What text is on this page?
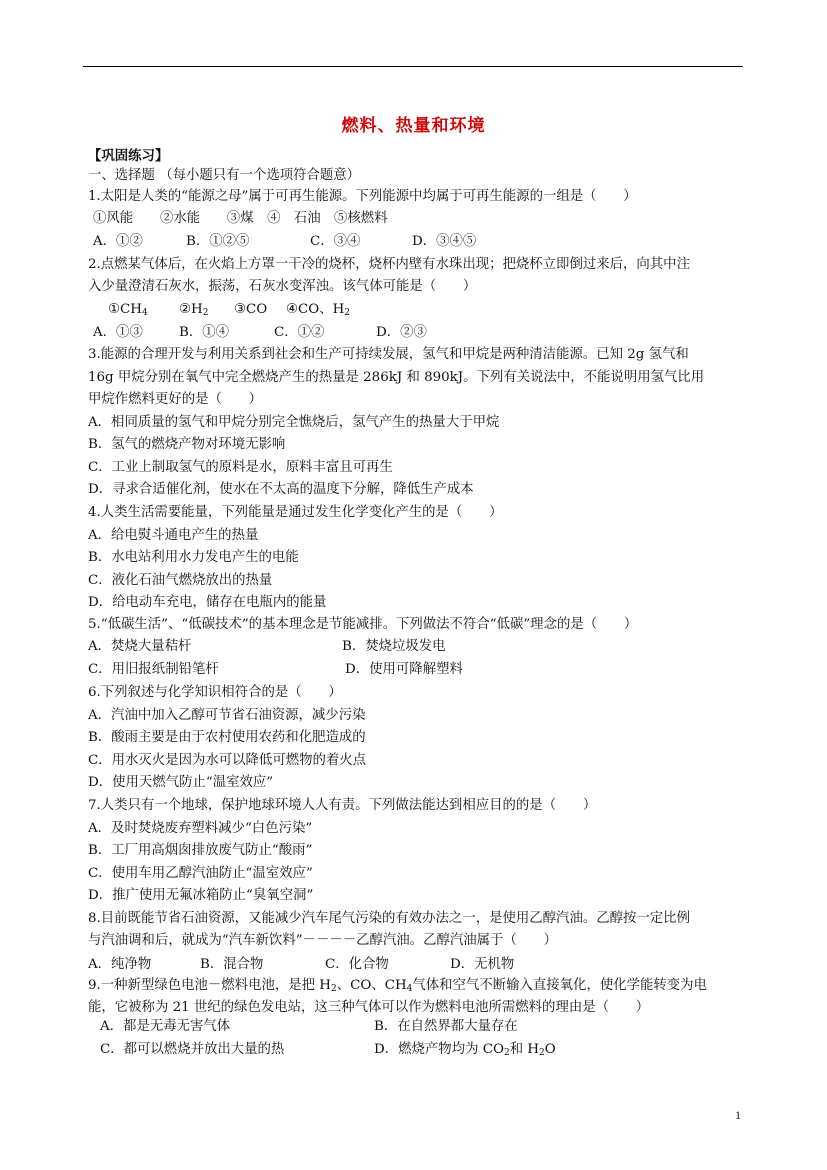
燃料、热量和环境
【巩固练习】
一、选择题 （每小题只有一个选项符合题意）
1.太阳是人类的“能源之母”属于可再生能源。下列能源中均属于可再生能源的一组是（　　）
①风能　　②水能　　③煤　④　石油　⑤核燃料
A．①②	B．①②⑤	C．③④	D．③④⑤
2.点燃某气体后，在火焰上方罩一干冷的烧杯，烧杯内壁有水珠出现；把烧杯立即倒过来后，向其中注
入少量澄清石灰水，振荡，石灰水变浑浊。该气体可能是（　　）
$①CH_4$ $②H_2$ ③CO ④CO、$H_2$
A．①③	B．①④	C．①②	D．②③
3.能源的合理开发与利用关系到社会和生产可持续发展，氢气和甲烷是两种清洁能源。已知 2g 氢气和
16g 甲烷分别在氧气中完全燃烧产生的热量是 286kJ 和 890kJ。下列有关说法中，不能说明用氢气比用
甲烷作燃料更好的是（　　）
A．相同质量的氢气和甲烷分别完全憔烧后，氢气产生的热量大于甲烷
B．氢气的燃烧产物对环境无影响
C．工业上制取氢气的原料是水，原料丰富且可再生
D．寻求合适催化剂，使水在不太高的温度下分解，降低生产成本
4.人类生活需要能量，下列能量是通过发生化学变化产生的是（　　）
A．给电熨斗通电产生的热量
B．水电站利用水力发电产生的电能
C．液化石油气燃烧放出的热量
D．给电动车充电，储存在电瓶内的能量
5.“低碳生活”、“低碳技术”的基本理念是节能减排。下列做法不符合“低碳”理念的是（　　）
A．焚烧大量秸杆	B．焚烧垃圾发电
C．用旧报纸制铅笔杆	D．使用可降解塑料
6.下列叙述与化学知识相符合的是（　　）
A．汽油中加入乙醇可节省石油资源，减少污染
B．酸雨主要是由于农村使用农药和化肥造成的
C．用水灭火是因为水可以降低可燃物的着火点
D．使用天燃气防止“温室效应”
7.人类只有一个地球，保护地球环境人人有责。下列做法能达到相应目的的是（　　）
A．及时焚烧废弃塑料减少“白色污染”
B．工厂用高烟囱排放废气防止“酸雨”
C．使用车用乙醇汽油防止“温室效应”
D．推广使用无氟冰箱防止“臭氧空洞”
8.目前既能节省石油资源，又能减少汽车尾气污染的有效办法之一，是使用乙醇汽油。乙醇按一定比例
与汽油调和后，就成为“汽车新饮料”－－－－乙醇汽油。乙醇汽油属于（　　）
A．纯净物	B．混合物	C．化合物	D．无机物
9.一种新型绿色电池－燃料电池，是把 $H_2$、CO、$CH_4$气体和空气不断输入直接氧化，使化学能转变为电
能，它被称为 21 世纪的绿色发电站，这三种气体可以作为燃料电池所需燃料的理由是（　　）
A．都是无毒无害气体	B．在自然界都大量存在
C．都可以燃烧并放出大量的热	D．燃烧产物均为 $CO_2$和 $H_2O$
1
